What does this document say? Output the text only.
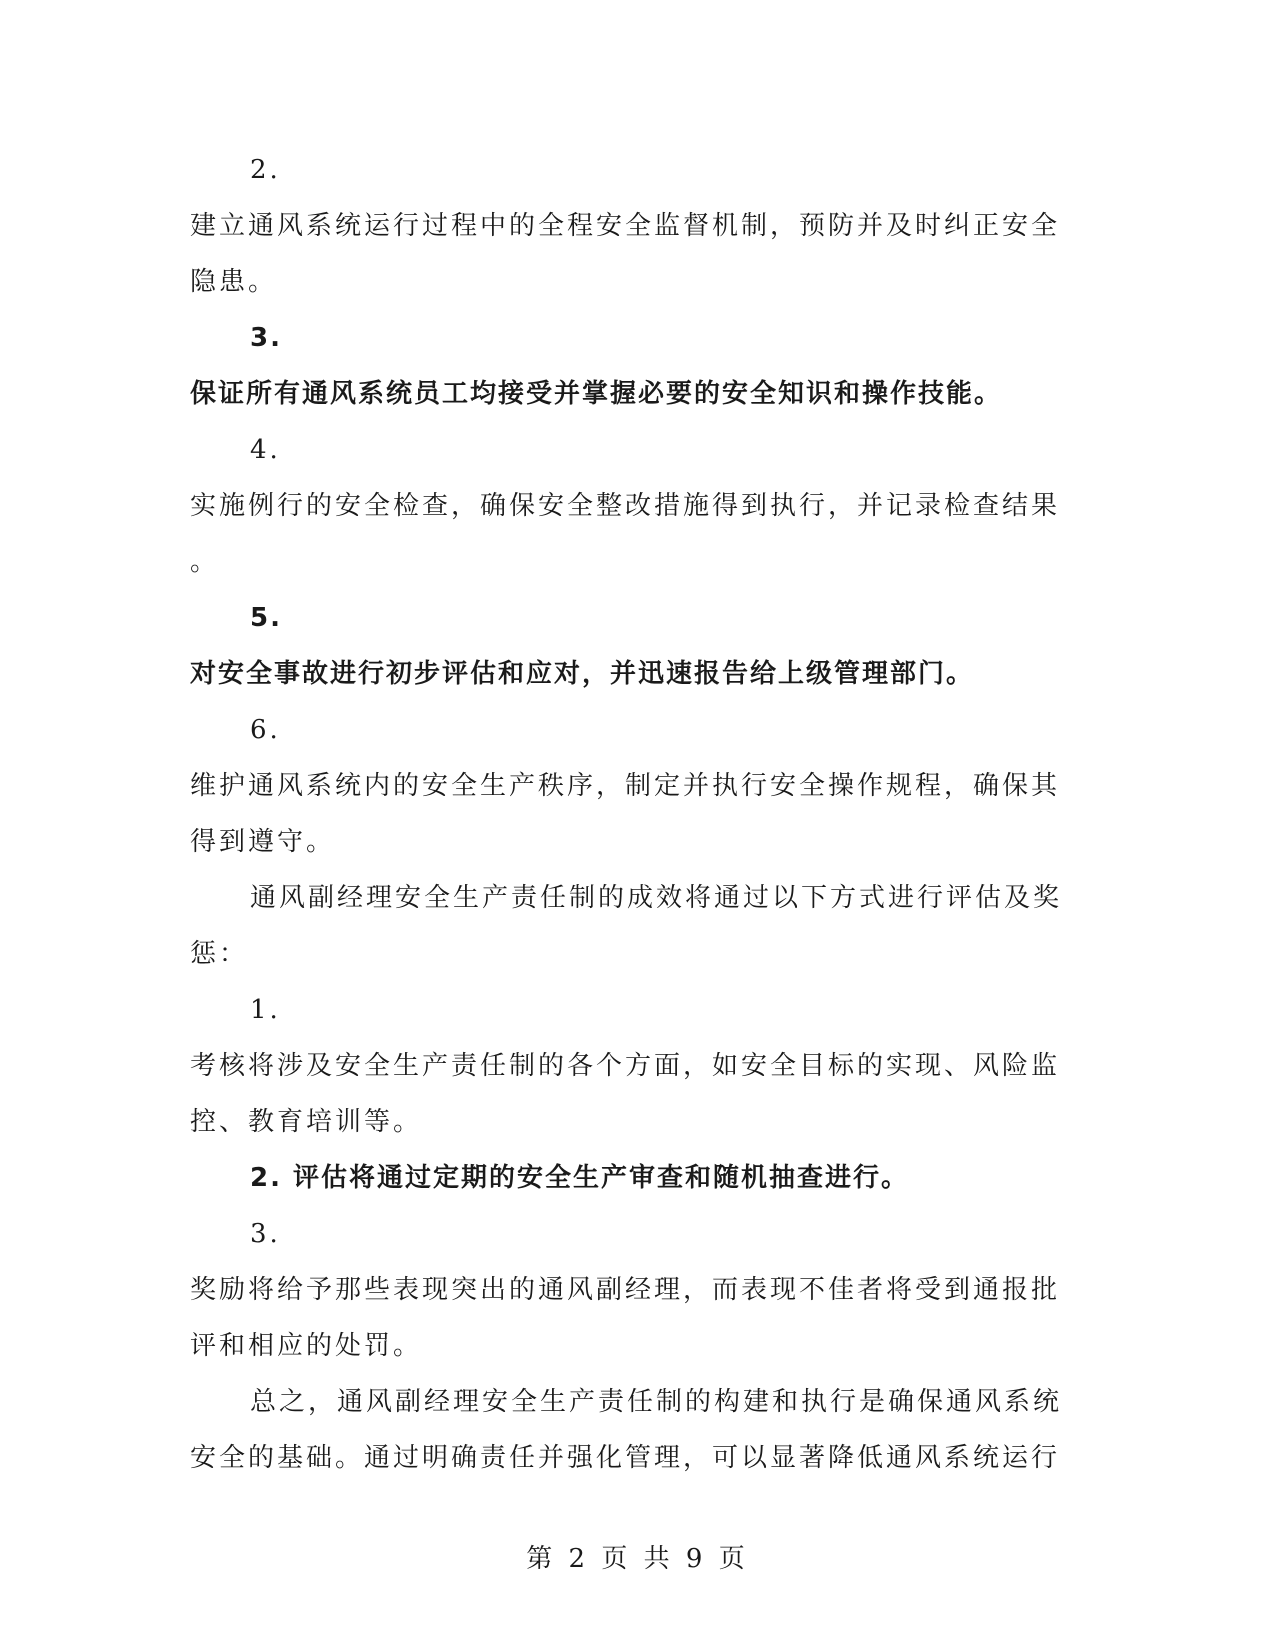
2.
建立通风系统运行过程中的全程安全监督机制，预防并及时纠正安全
隐患。
3.
保证所有通风系统员工均接受并掌握必要的安全知识和操作技能。
4.
实施例行的安全检查，确保安全整改措施得到执行，并记录检查结果
。
5.
对安全事故进行初步评估和应对，并迅速报告给上级管理部门。
6.
维护通风系统内的安全生产秩序，制定并执行安全操作规程，确保其
得到遵守。
通风副经理安全生产责任制的成效将通过以下方式进行评估及奖
惩：
1.
考核将涉及安全生产责任制的各个方面，如安全目标的实现、风险监
控、教育培训等。
2. 评估将通过定期的安全生产审查和随机抽查进行。
3.
奖励将给予那些表现突出的通风副经理，而表现不佳者将受到通报批
评和相应的处罚。
总之，通风副经理安全生产责任制的构建和执行是确保通风系统
安全的基础。通过明确责任并强化管理，可以显著降低通风系统运行
第 2 页 共 9 页
